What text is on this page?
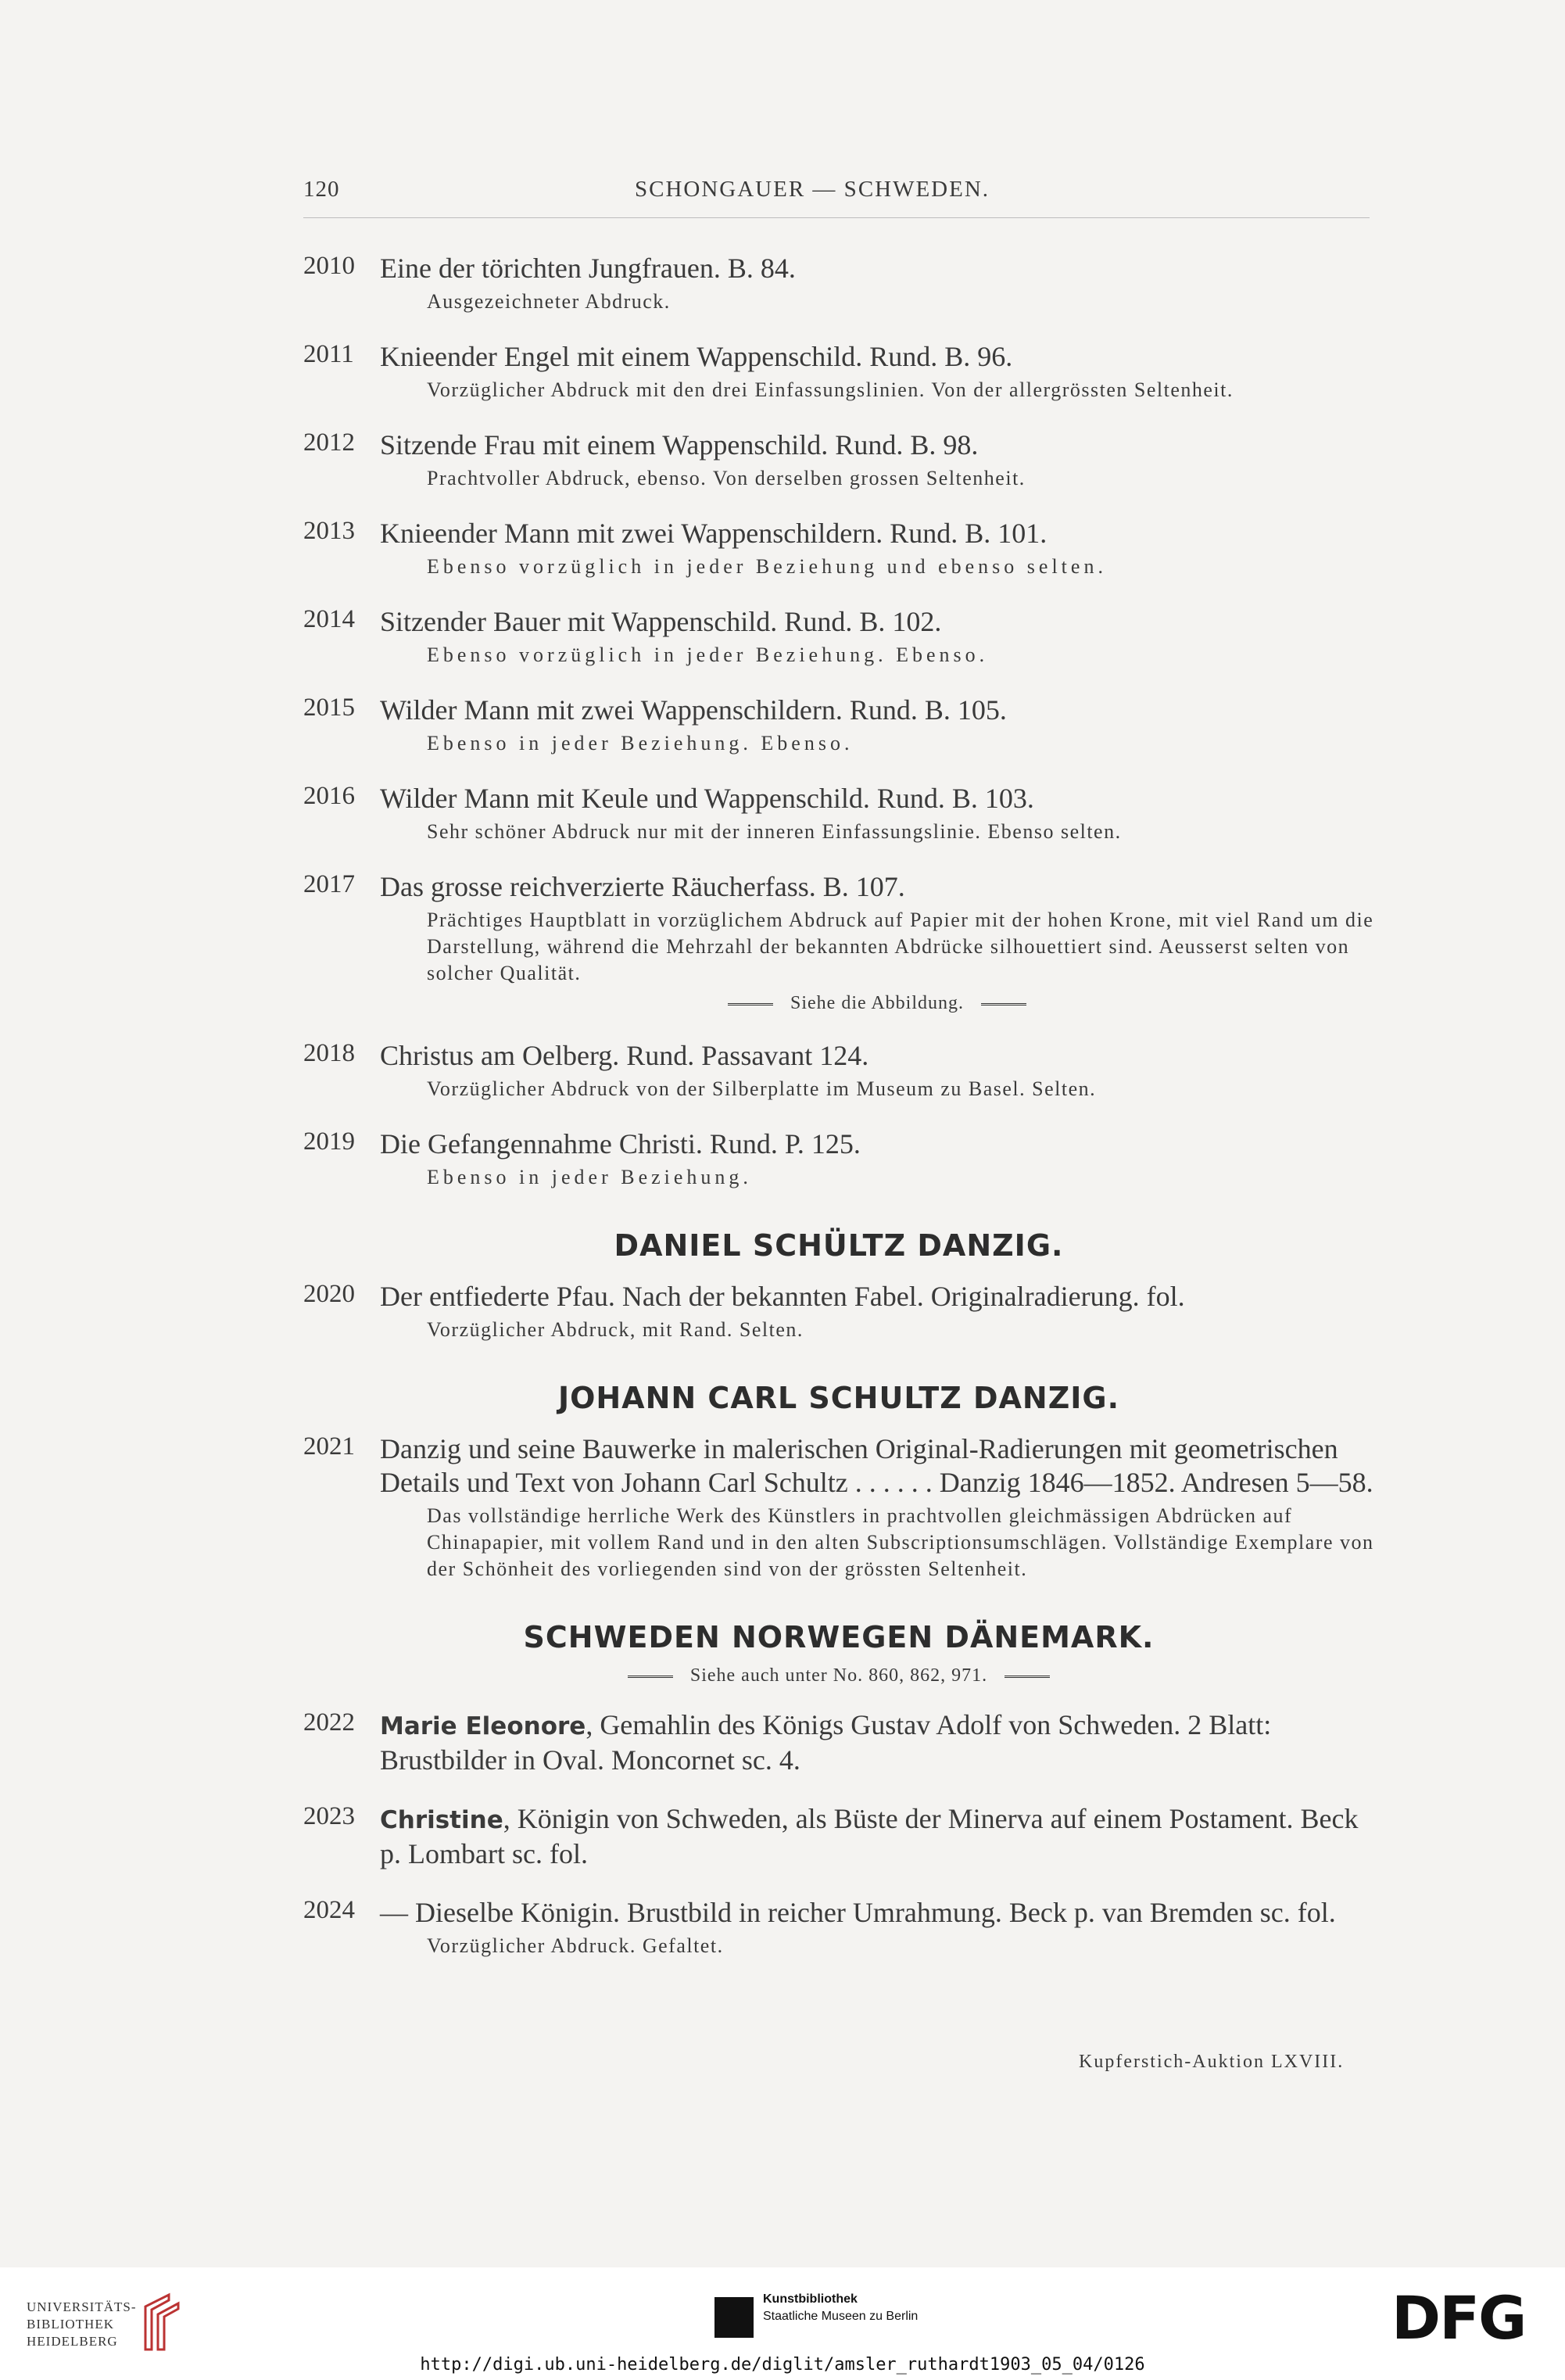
120	SCHONGAUER — SCHWEDEN.
2010 Eine der törichten Jungfrauen. B. 84.
Ausgezeichneter Abdruck.
2011 Knieender Engel mit einem Wappenschild. Rund. B. 96.
Vorzüglicher Abdruck mit den drei Einfassungslinien. Von der allergrössten Seltenheit.
2012 Sitzende Frau mit einem Wappenschild. Rund. B. 98.
Prachtvoller Abdruck, ebenso. Von derselben grossen Seltenheit.
2013 Knieender Mann mit zwei Wappenschildern. Rund. B. 101.
Ebenso vorzüglich in jeder Beziehung und ebenso selten.
2014 Sitzender Bauer mit Wappenschild. Rund. B. 102.
Ebenso vorzüglich in jeder Beziehung. Ebenso.
2015 Wilder Mann mit zwei Wappenschildern. Rund. B. 105.
Ebenso in jeder Beziehung. Ebenso.
2016 Wilder Mann mit Keule und Wappenschild. Rund. B. 103.
Sehr schöner Abdruck nur mit der inneren Einfassungslinie. Ebenso selten.
2017 Das grosse reichverzierte Räucherfass. B. 107.
Prächtiges Hauptblatt in vorzüglichem Abdruck auf Papier mit der hohen Krone, mit viel Rand um die Darstellung, während die Mehrzahl der bekannten Abdrücke silhouettiert sind. Aeusserst selten von solcher Qualität.
Siehe die Abbildung.
2018 Christus am Oelberg. Rund. Passavant 124.
Vorzüglicher Abdruck von der Silberplatte im Museum zu Basel. Selten.
2019 Die Gefangennahme Christi. Rund. P. 125.
Ebenso in jeder Beziehung.
DANIEL SCHÜLTZ DANZIG.
2020 Der entfiederte Pfau. Nach der bekannten Fabel. Originalradierung. fol.
Vorzüglicher Abdruck, mit Rand. Selten.
JOHANN CARL SCHULTZ DANZIG.
2021 Danzig und seine Bauwerke in malerischen Original-Radierungen mit geometrischen Details und Text von Johann Carl Schultz . . . . . . Danzig 1846—1852. Andresen 5—58.
Das vollständige herrliche Werk des Künstlers in prachtvollen gleichmässigen Abdrücken auf Chinapapier, mit vollem Rand und in den alten Subscriptionsumschlägen. Vollständige Exemplare von der Schönheit des vorliegenden sind von der grössten Seltenheit.
SCHWEDEN NORWEGEN DÄNEMARK.
Siehe auch unter No. 860, 862, 971.
2022 Marie Eleonore, Gemahlin des Königs Gustav Adolf von Schweden. 2 Blatt: Brustbilder in Oval. Moncornet sc. 4.
2023 Christine, Königin von Schweden, als Büste der Minerva auf einem Postament. Beck p. Lombart sc. fol.
2024 — Dieselbe Königin. Brustbild in reicher Umrahmung. Beck p. van Bremden sc. fol.
Vorzüglicher Abdruck. Gefaltet.
Kupferstich-Auktion LXVIII.
UNIVERSITÄTS-
BIBLIOTHEK
HEIDELBERG
Kunstbibliothek
Staatliche Museen zu Berlin	DFG
http://digi.ub.uni-heidelberg.de/diglit/amsler_ruthardt1903_05_04/0126
